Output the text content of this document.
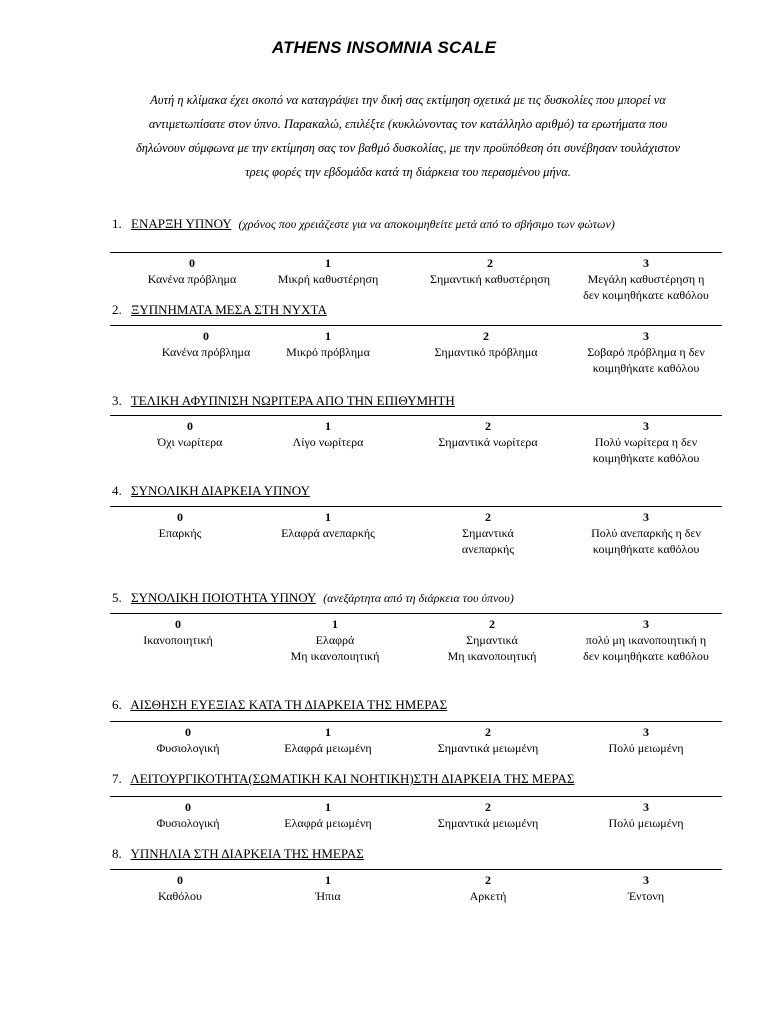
ATHENS INSOMNIA SCALE
Αυτή η κλίμακα έχει σκοπό να καταγράψει την δική σας εκτίμηση σχετικά με τις δυσκολίες που μπορεί να
αντιμετωπίσατε στον ύπνο. Παρακαλώ, επιλέξτε (κυκλώνοντας τον κατάλληλο αριθμό) τα ερωτήματα που
δηλώνουν σύμφωνα με την εκτίμηση σας τον βαθμό δυσκολίας, με την προϋπόθεση ότι συνέβησαν τουλάχιστον
τρεις φορές την εβδομάδα κατά τη διάρκεια του περασμένου μήνα.
1. ΕΝΑΡΞΗ ΥΠΝΟΥ (χρόνος που χρειάζεστε για να αποκοιμηθείτε μετά από το σβήσιμο των φώτων)
0
Κανένα πρόβλημα
1
Μικρή καθυστέρηση
2
Σημαντική καθυστέρηση
3
Μεγάλη καθυστέρηση η
δεν κοιμηθήκατε καθόλου
2. ΞΥΠΝΗΜΑΤΑ ΜΕΣΑ ΣΤΗ ΝΥΧΤΑ
0
Κανένα πρόβλημα
1
Μικρό πρόβλημα
2
Σημαντικό πρόβλημα
3
Σοβαρό πρόβλημα η δεν
κοιμηθήκατε καθόλου
3. ΤΕΛΙΚΗ ΑΦΥΠΝΙΣΗ ΝΩΡΙΤΕΡΑ ΑΠΟ ΤΗΝ ΕΠΙΘΥΜΗΤΗ
0
Όχι νωρίτερα
1
Λίγο νωρίτερα
2
Σημαντικά νωρίτερα
3
Πολύ νωρίτερα η δεν
κοιμηθήκατε καθόλου
4. ΣΥΝΟΛΙΚΗ ΔΙΑΡΚΕΙΑ ΥΠΝΟΥ
0
Επαρκής
1
Ελαφρά ανεπαρκής
2
Σημαντικά
ανεπαρκής
3
Πολύ ανεπαρκής η δεν
κοιμηθήκατε καθόλου
5. ΣΥΝΟΛΙΚΗ ΠΟΙΟΤΗΤΑ ΥΠΝΟΥ (ανεξάρτητα από τη διάρκεια του ύπνου)
0
Ικανοποιητική
1
Ελαφρά
Μη ικανοποιητική
2
Σημαντικά
Μη ικανοποιητική
3
πολύ μη ικανοποιητική η
δεν κοιμηθήκατε καθόλου
6. ΑΙΣΘΗΣΗ ΕΥΕΞΙΑΣ ΚΑΤΑ ΤΗ ΔΙΑΡΚΕΙΑ ΤΗΣ ΗΜΕΡΑΣ
0
Φυσιολογική
1
Ελαφρά μειωμένη
2
Σημαντικά μειωμένη
3
Πολύ μειωμένη
7. ΛΕΙΤΟΥΡΓΙΚΟΤΗΤΑ(ΣΩΜΑΤΙΚΗ ΚΑΙ ΝΟΗΤΙΚΗ)ΣΤΗ ΔΙΑΡΚΕΙΑ ΤΗΣ ΜΕΡΑΣ
0
Φυσιολογική
1
Ελαφρά μειωμένη
2
Σημαντικά μειωμένη
3
Πολύ μειωμένη
8. ΥΠΝΗΛΙΑ ΣΤΗ ΔΙΑΡΚΕΙΑ ΤΗΣ ΗΜΕΡΑΣ
0
Καθόλου
1
Ήπια
2
Αρκετή
3
Έντονη
